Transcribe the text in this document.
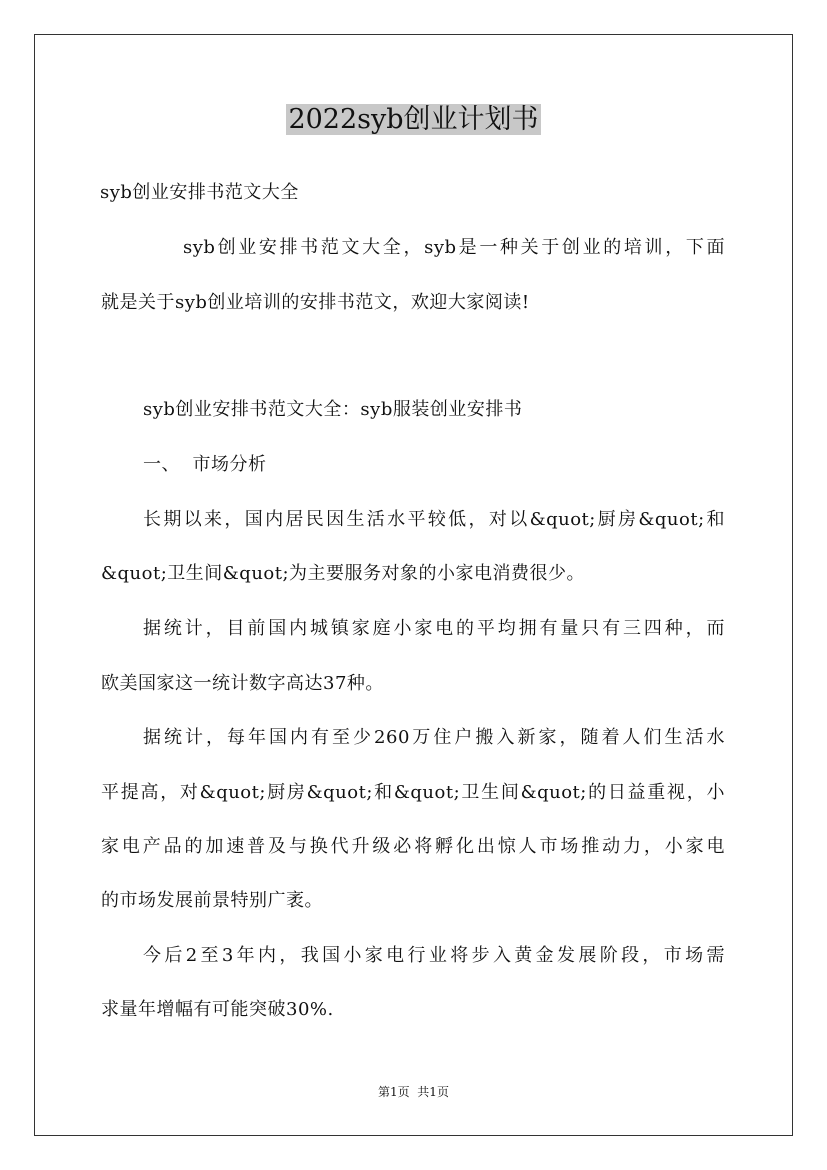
2022syb创业计划书
syb创业安排书范文大全
syb创业安排书范文大全，syb是一种关于创业的培训，下面
就是关于syb创业培训的安排书范文，欢迎大家阅读!
syb创业安排书范文大全：syb服装创业安排书
一、  市场分析
长期以来，国内居民因生活水平较低，对以&quot;厨房&quot;和
&quot;卫生间&quot;为主要服务对象的小家电消费很少。
据统计，目前国内城镇家庭小家电的平均拥有量只有三四种，而
欧美国家这一统计数字高达37种。
据统计，每年国内有至少260万住户搬入新家，随着人们生活水
平提高，对&quot;厨房&quot;和&quot;卫生间&quot;的日益重视，小
家电产品的加速普及与换代升级必将孵化出惊人市场推动力，小家电
的市场发展前景特别广袤。
今后2至3年内，我国小家电行业将步入黄金发展阶段，市场需
求量年增幅有可能突破30%.
第1页  共1页
